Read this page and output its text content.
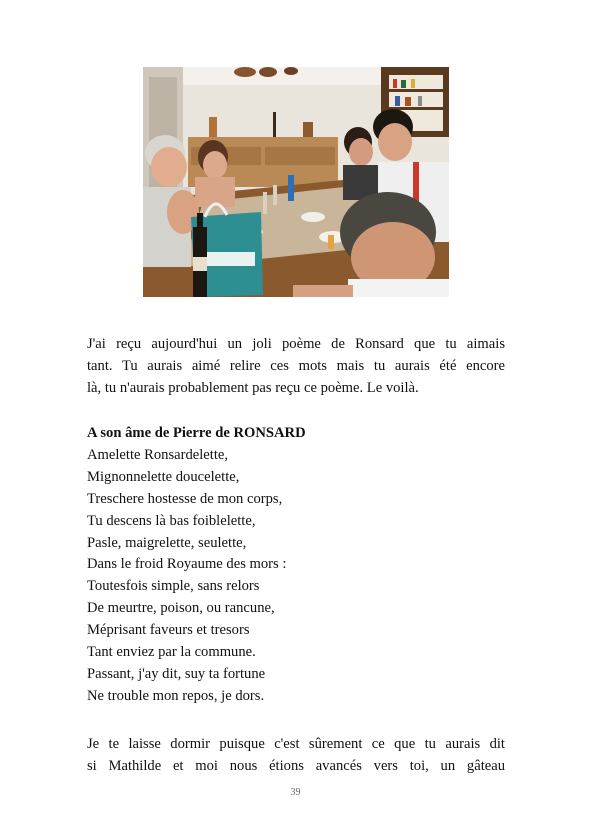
J'ai reçu aujourd'hui un joli poème de Ronsard que tu aimais
tant. Tu aurais aimé relire ces mots mais tu aurais été encore
là, tu n'aurais probablement pas reçu ce poème. Le voilà.

A son âme de Pierre de RONSARD
Amelette Ronsardelette,
Mignonnelette doucelette,
Treschere hostesse de mon corps,
Tu descens là bas foiblelette,
Pasle, maigrelette, seulette,
Dans le froid Royaume des mors :
Toutesfois simple, sans relors
De meurtre, poison, ou rancune,
Méprisant faveurs et tresors
Tant enviez par la commune.
Passant, j'ay dit, suy ta fortune
Ne trouble mon repos, je dors.

Je te laisse dormir puisque c'est sûrement ce que tu aurais dit
si Mathilde et moi nous étions avancés vers toi, un gâteau

39
